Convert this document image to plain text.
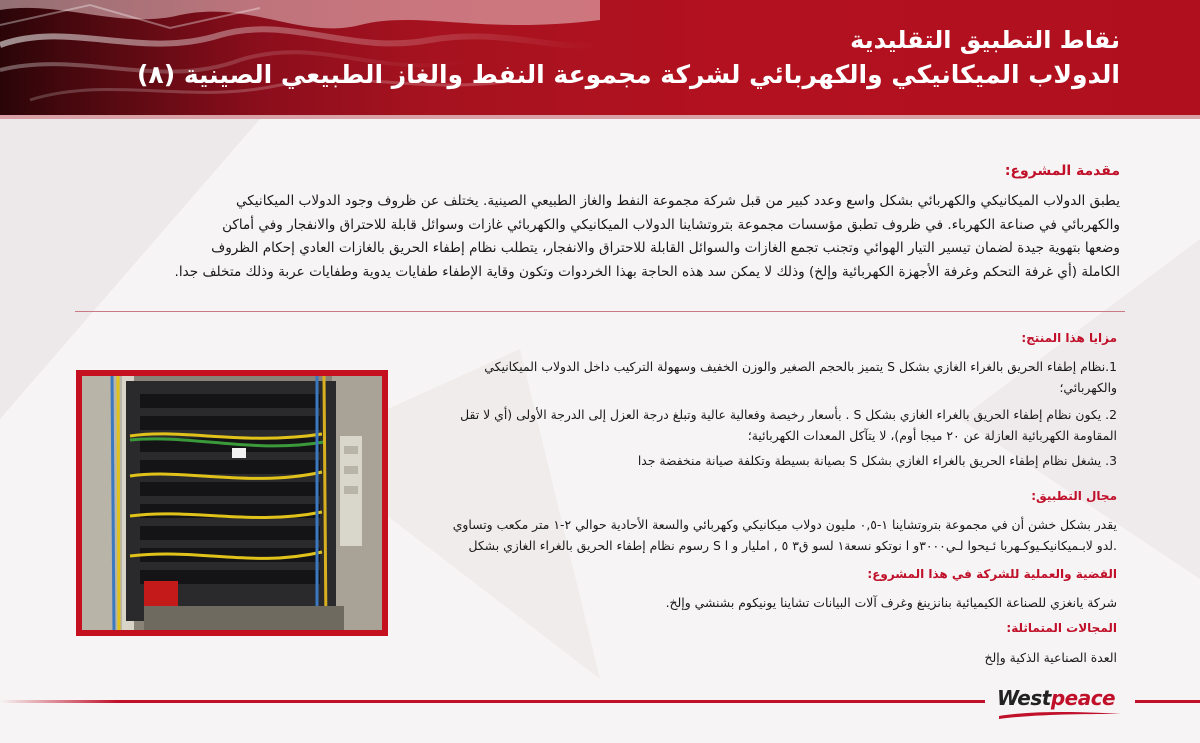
نقاط التطبيق التقليدية
الدولاب الميكانيكي والكهربائي لشركة مجموعة النفط والغاز الطبيعي الصينية (٨)
مقدمة المشروع:
يطبق الدولاب الميكانيكي والكهربائي بشكل واسع وعدد كبير من قبل شركة مجموعة النفط والغاز الطبيعي الصينية. يختلف عن ظروف وجود الدولاب الميكانيكي
والكهربائي في صناعة الكهرباء. في ظروف تطبق مؤسسات مجموعة بتروتشاينا الدولاب الميكانيكي والكهربائي غازات وسوائل قابلة للاحتراق والانفجار وفي أماكن
وضعها بتهوية جيدة لضمان تيسير التيار الهوائي وتجنب تجمع الغازات والسوائل القابلة للاحتراق والانفجار، يتطلب نظام إطفاء الحريق بالغازات العادي إحكام الظروف
الكاملة (أي غرفة التحكم وغرفة الأجهزة الكهربائية وإلخ) وذلك لا يمكن سد هذه الحاجة بهذا الخردوات وتكون وقاية الإطفاء طفايات يدوية وطفايات عربة وذلك متخلف جدا.
مزايا هذا المنتج:
1.نظام إطفاء الحريق بالغراء الغازي بشكل S يتميز بالحجم الصغير والوزن الخفيف وسهولة التركيب داخل الدولاب الميكانيكي
والكهربائي؛
2. يكون نظام إطفاء الحريق بالغراء الغازي بشكل S . بأسعار رخيصة وفعالية عالية وتبلغ درجة العزل إلى الدرجة الأولى (أي لا تقل
المقاومة الكهربائية العازلة عن ٢٠ ميجا أوم)، لا يتآكل المعدات الكهربائية؛
3. يشغل نظام إطفاء الحريق بالغراء الغازي بشكل S بصيانة بسيطة وتكلفة صيانة منخفضة جدا
مجال التطبيق:
يقدر بشكل خشن أن في مجموعة بتروتشاينا ١-٠,٥ مليون دولاب ميكانيكي وكهربائي والسعة الأحادية حوالي ٢-١ متر مكعب وتساوي
.لدو لابـميكانيكـيوكـهربا ئـيحوا لـي٣٠٠٠و ا نوتكو نسعة١ لسو ق٣ ٥ , امليار و ا S رسوم نظام إطفاء الحريق بالغراء الغازي بشكل
القضية والعملية للشركة في هذا المشروع:
شركة يانغزي للصناعة الكيميائية بنانزينغ وغرف آلات البيانات تشاينا يونيكوم بشنشي وإلخ.
المجالات المتماثلة:
العدة الصناعية الذكية وإلخ
Westpeace
